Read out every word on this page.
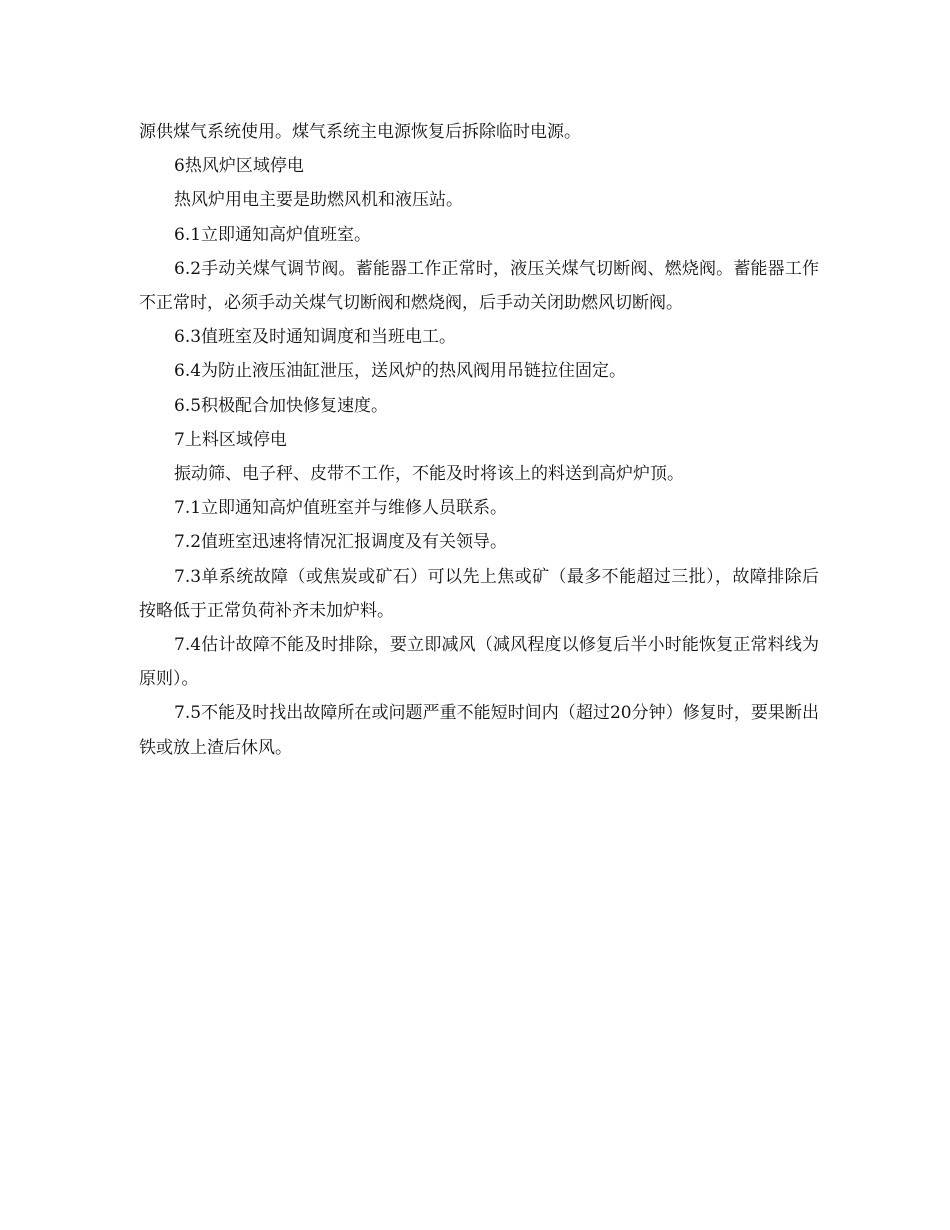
源供煤气系统使用。煤气系统主电源恢复后拆除临时电源。

6热风炉区域停电

热风炉用电主要是助燃风机和液压站。

6.1立即通知高炉值班室。

6.2手动关煤气调节阀。蓄能器工作正常时，液压关煤气切断阀、燃烧阀。蓄能器工作不正常时，必须手动关煤气切断阀和燃烧阀，后手动关闭助燃风切断阀。

6.3值班室及时通知调度和当班电工。

6.4为防止液压油缸泄压，送风炉的热风阀用吊链拉住固定。

6.5积极配合加快修复速度。

7上料区域停电

振动筛、电子秤、皮带不工作，不能及时将该上的料送到高炉炉顶。

7.1立即通知高炉值班室并与维修人员联系。

7.2值班室迅速将情况汇报调度及有关领导。

7.3单系统故障（或焦炭或矿石）可以先上焦或矿（最多不能超过三批），故障排除后按略低于正常负荷补齐未加炉料。

7.4估计故障不能及时排除，要立即减风（减风程度以修复后半小时能恢复正常料线为原则）。

7.5不能及时找出故障所在或问题严重不能短时间内（超过20分钟）修复时，要果断出铁或放上渣后休风。
